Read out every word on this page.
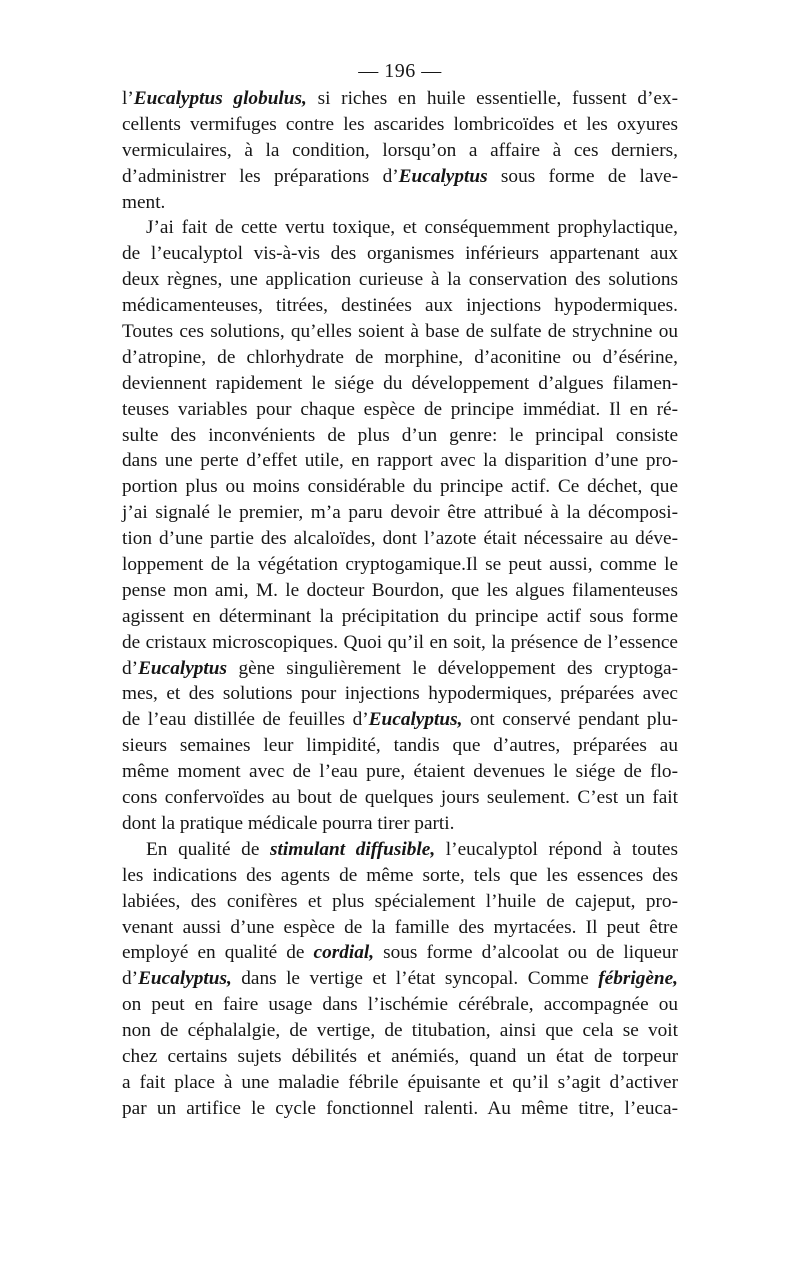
— 196 —
l’Eucalyptus globulus, si riches en huile essentielle, fussent d’ex-
cellents vermifuges contre les ascarides lombricoïdes et les oxyures
vermiculaires, à la condition, lorsqu’on a affaire à ces derniers,
d’administrer les préparations d’Eucalyptus sous forme de lave-
ment.
J’ai fait de cette vertu toxique, et conséquemment prophylactique,
de l’eucalyptol vis-à-vis des organismes inférieurs appartenant aux
deux règnes, une application curieuse à la conservation des solutions
médicamenteuses, titrées, destinées aux injections hypodermiques.
Toutes ces solutions, qu’elles soient à base de sulfate de strychnine ou
d’atropine, de chlorhydrate de morphine, d’aconitine ou d’ésérine,
deviennent rapidement le siége du développement d’algues filamen-
teuses variables pour chaque espèce de principe immédiat. Il en ré-
sulte des inconvénients de plus d’un genre: le principal consiste
dans une perte d’effet utile, en rapport avec la disparition d’une pro-
portion plus ou moins considérable du principe actif. Ce déchet, que
j’ai signalé le premier, m’a paru devoir être attribué à la décomposi-
tion d’une partie des alcaloïdes, dont l’azote était nécessaire au déve-
loppement de la végétation cryptogamique.Il se peut aussi, comme le
pense mon ami, M. le docteur Bourdon, que les algues filamenteuses
agissent en déterminant la précipitation du principe actif sous forme
de cristaux microscopiques. Quoi qu’il en soit, la présence de l’essence
d’Eucalyptus gène singulièrement le développement des cryptoga-
mes, et des solutions pour injections hypodermiques, préparées avec
de l’eau distillée de feuilles d’Eucalyptus, ont conservé pendant plu-
sieurs semaines leur limpidité, tandis que d’autres, préparées au
même moment avec de l’eau pure, étaient devenues le siége de flo-
cons confervoïdes au bout de quelques jours seulement. C’est un fait
dont la pratique médicale pourra tirer parti.
En qualité de stimulant diffusible, l’eucalyptol répond à toutes
les indications des agents de même sorte, tels que les essences des
labiées, des conifères et plus spécialement l’huile de cajeput, pro-
venant aussi d’une espèce de la famille des myrtacées. Il peut être
employé en qualité de cordial, sous forme d’alcoolat ou de liqueur
d’Eucalyptus, dans le vertige et l’état syncopal. Comme fébrigène,
on peut en faire usage dans l’ischémie cérébrale, accompagnée ou
non de céphalalgie, de vertige, de titubation, ainsi que cela se voit
chez certains sujets débilités et anémiés, quand un état de torpeur
a fait place à une maladie fébrile épuisante et qu’il s’agit d’activer
par un artifice le cycle fonctionnel ralenti. Au même titre, l’euca-
